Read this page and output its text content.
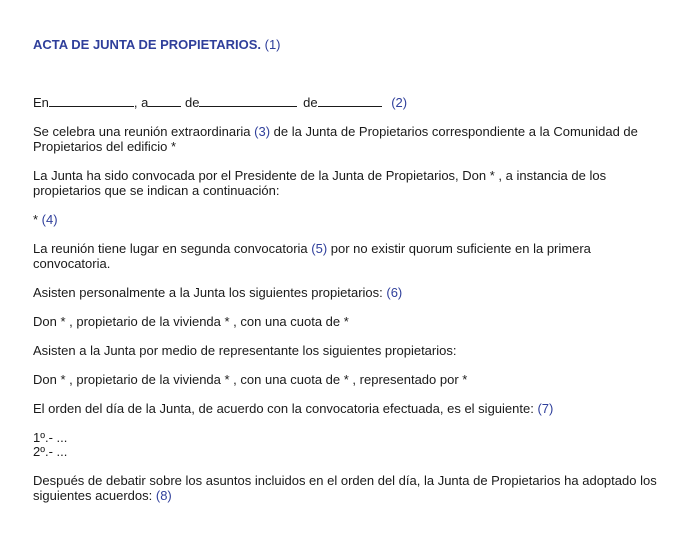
ACTA DE JUNTA DE PROPIETARIOS. (1)
En	, a	de	de	(2)
Se celebra una reunión extraordinaria (3) de la Junta de Propietarios correspondiente a la Comunidad de
Propietarios del edificio *
La Junta ha sido convocada por el Presidente de la Junta de Propietarios, Don * , a instancia de los
propietarios que se indican a continuación:
* (4)
La reunión tiene lugar en segunda convocatoria (5) por no existir quorum suficiente en la primera
convocatoria.
Asisten personalmente a la Junta los siguientes propietarios: (6)
Don * , propietario de la vivienda * , con una cuota de *
Asisten a la Junta por medio de representante los siguientes propietarios:
Don * , propietario de la vivienda * , con una cuota de * , representado por *
El orden del día de la Junta, de acuerdo con la convocatoria efectuada, es el siguiente: (7)
1º.- ...
2º.- ...
Después de debatir sobre los asuntos incluidos en el orden del día, la Junta de Propietarios ha adoptado los
siguientes acuerdos: (8)
